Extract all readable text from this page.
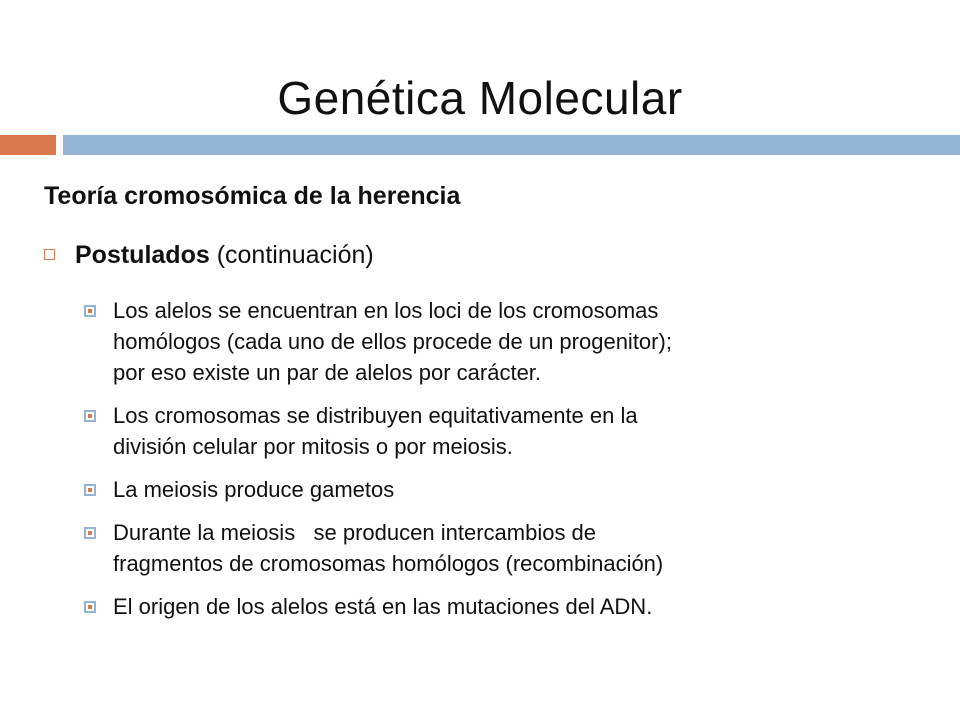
Genética Molecular
Teoría cromosómica de la herencia
Postulados (continuación)
Los alelos se encuentran en los loci de los cromosomas
homólogos (cada uno de ellos procede de un progenitor);
por eso existe un par de alelos por carácter.
Los cromosomas se distribuyen equitativamente en la
división celular por mitosis o por meiosis.
La meiosis produce gametos
Durante la meiosis   se producen intercambios de
fragmentos de cromosomas homólogos (recombinación)
El origen de los alelos está en las mutaciones del ADN.
